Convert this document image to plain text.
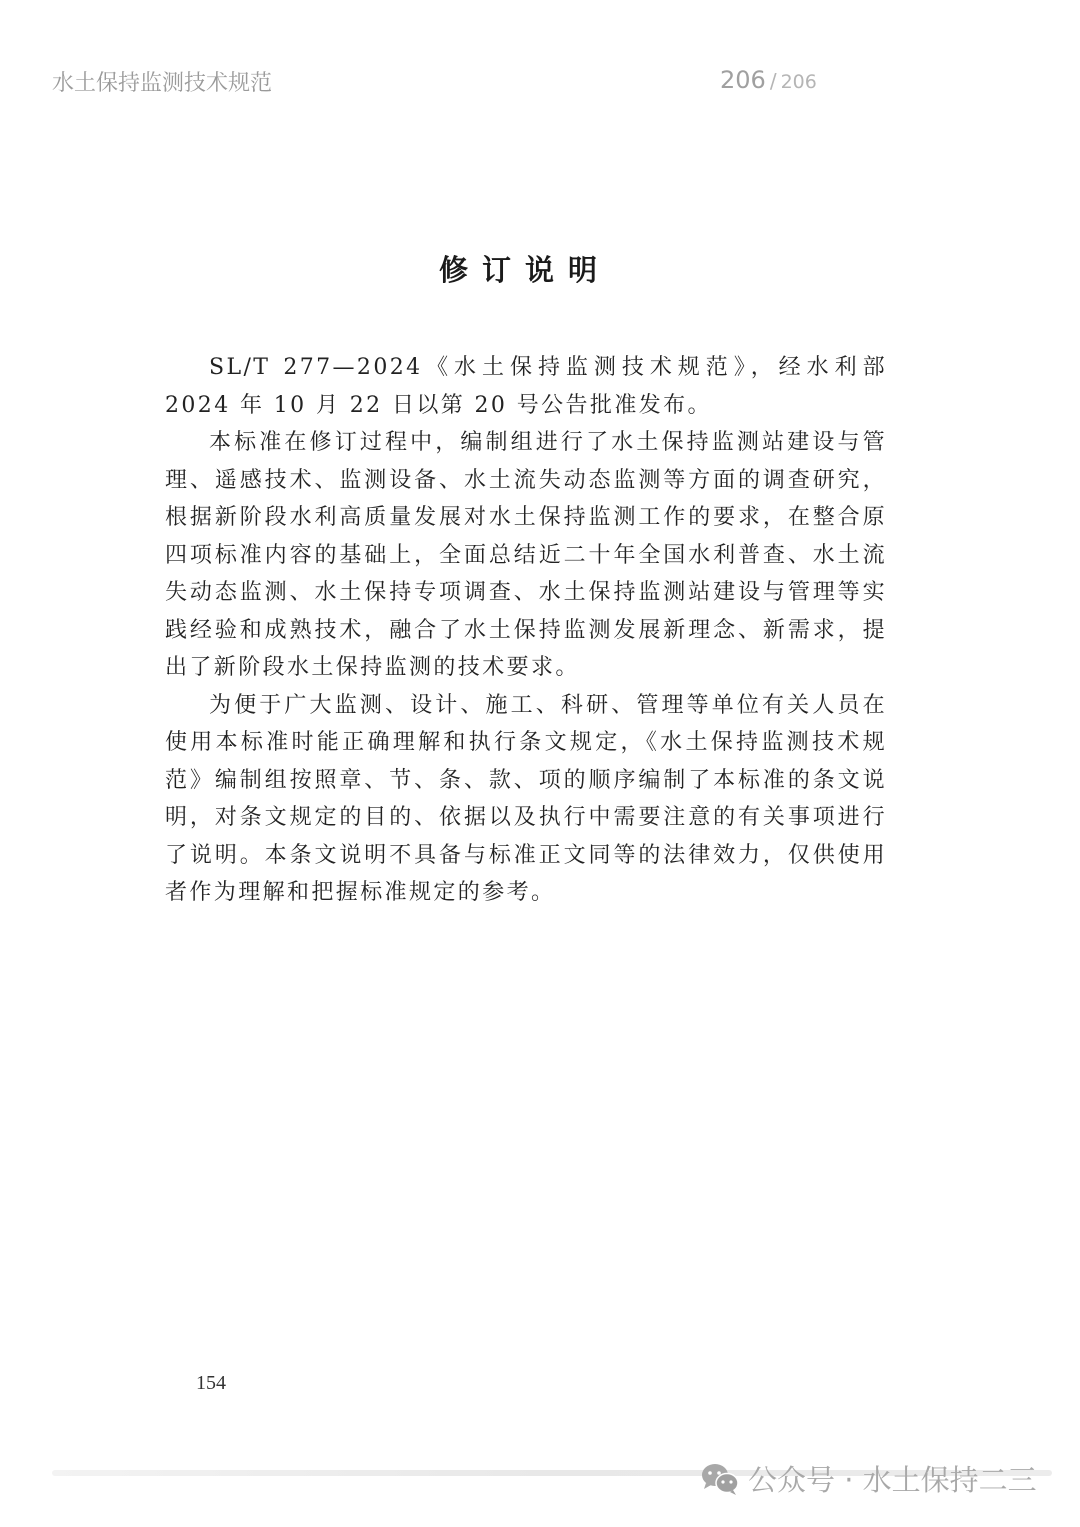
水土保持监测技术规范	206 / 206
修订说明

SL/T 277—2024《水土保持监测技术规范》，经水利部 2024 年 10 月 22 日以第 20 号公告批准发布。

本标准在修订过程中，编制组进行了水土保持监测站建设与管理、遥感技术、监测设备、水土流失动态监测等方面的调查研究，根据新阶段水利高质量发展对水土保持监测工作的要求，在整合原四项标准内容的基础上，全面总结近二十年全国水利普查、水土流失动态监测、水土保持专项调查、水土保持监测站建设与管理等实践经验和成熟技术，融合了水土保持监测发展新理念、新需求，提出了新阶段水土保持监测的技术要求。

为便于广大监测、设计、施工、科研、管理等单位有关人员在使用本标准时能正确理解和执行条文规定，《水土保持监测技术规范》编制组按照章、节、条、款、项的顺序编制了本标准的条文说明，对条文规定的目的、依据以及执行中需要注意的有关事项进行了说明。本条文说明不具备与标准正文同等的法律效力，仅供使用者作为理解和把握标准规定的参考。

154
公众号 · 水土保持二三
